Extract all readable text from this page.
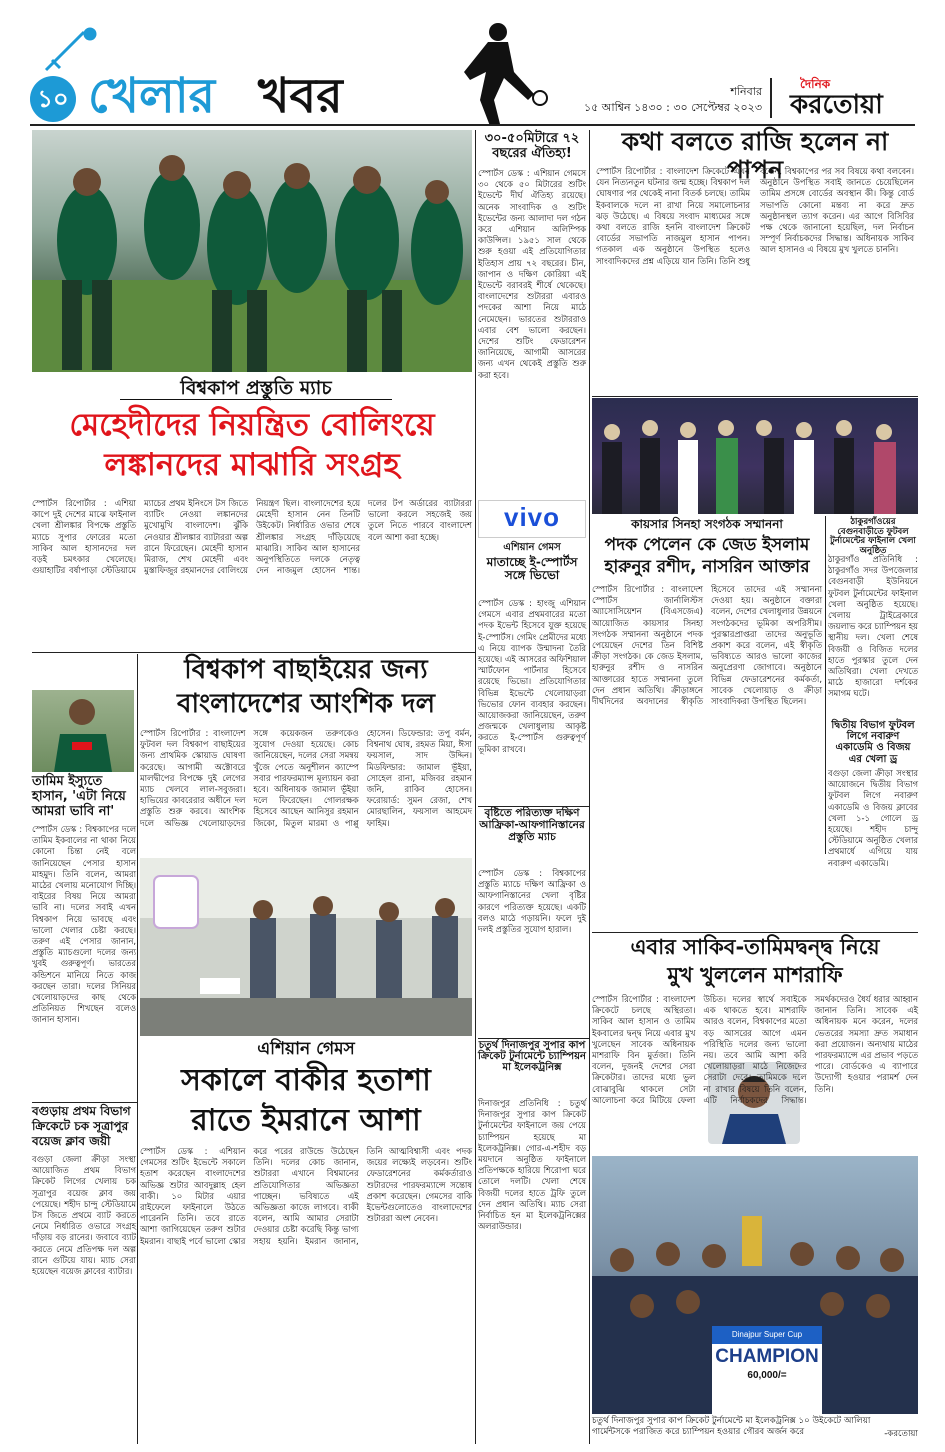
১০ খেলার খবর	শনিবার
১৫ আশ্বিন ১৪৩০ : ৩০ সেপ্টেম্বর ২০২৩
দৈনিক
করতোয়া
৩০-৫০মিটারে ৭২ বছরের ঐতিহ্য!
স্পোর্টস ডেস্ক : এশিয়ান গেমসে ৩০ থেকে ৫০ মিটারের শুটিং ইভেন্টে দীর্ঘ ঐতিহ্য রয়েছে। অনেক সাংবাদিক ও শুটিং ইভেন্টের জন্য আলাদা দল গঠন করে এশিয়ান অলিম্পিক কাউন্সিল। ১৯৫১ সাল থেকে শুরু হওয়া এই প্রতিযোগিতার ইতিহাস প্রায় ৭২ বছরের। চীন, জাপান ও দক্ষিণ কোরিয়া এই ইভেন্টে বরাবরই শীর্ষে থেকেছে। বাংলাদেশের শুটাররা এবারও পদকের আশা নিয়ে মাঠে নেমেছেন। ভারতের শুটাররাও এবার বেশ ভালো করছেন। দেশের শুটিং ফেডারেশন জানিয়েছে, আগামী আসরের জন্য এখন থেকেই প্রস্তুতি শুরু করা হবে।
কথা বলতে রাজি হলেন না পাপন
স্পোর্টস রিপোর্টার : বাংলাদেশ ক্রিকেটে এখন যেন নিত্যনতুন ঘটনার জন্ম হচ্ছে। বিশ্বকাপ দল ঘোষণার পর থেকেই নানা বিতর্ক চলছে। তামিম ইকবালকে দলে না রাখা নিয়ে সমালোচনার ঝড় উঠেছে। এ বিষয়ে সংবাদ মাধ্যমের সঙ্গে কথা বলতে রাজি হননি বাংলাদেশ ক্রিকেট বোর্ডের সভাপতি নাজমুল হাসান পাপন। গতকাল এক অনুষ্ঠানে উপস্থিত হলেও সাংবাদিকদের প্রশ্ন এড়িয়ে যান তিনি। তিনি শুধু বলেন, বিশ্বকাপের পর সব বিষয়ে কথা বলবেন। অনুষ্ঠানে উপস্থিত সবাই জানতে চেয়েছিলেন তামিম প্রসঙ্গে বোর্ডের অবস্থান কী। কিন্তু বোর্ড সভাপতি কোনো মন্তব্য না করে দ্রুত অনুষ্ঠানস্থল ত্যাগ করেন। এর আগে বিসিবির পক্ষ থেকে জানানো হয়েছিল, দল নির্বাচন সম্পূর্ণ নির্বাচকদের সিদ্ধান্ত। অধিনায়ক সাকিব আল হাসানও এ বিষয়ে মুখ খুলতে চাননি।
বিশ্বকাপ প্রস্তুতি ম্যাচ
মেহেদীদের নিয়ন্ত্রিত বোলিংয়ে
লঙ্কানদের মাঝারি সংগ্রহ
স্পোর্টস রিপোর্টার : এশিয়া কাপে দুই দেশের মাঝে ফাইনাল খেলা শ্রীলঙ্কার বিপক্ষে প্রস্তুতি ম্যাচে সুপার ফোরের মতো সাকিব আল হাসানদের দল বড়ই চমৎকার খেলেছে। গুয়াহাটির বর্ষাপাড়া স্টেডিয়ামে ম্যাচের প্রথম ইনিংসে টস জিতে ব্যাটিং নেওয়া লঙ্কানদের মুখোমুখি বাংলাদেশ। ঝুঁকি নেওয়ার শ্রীলঙ্কার ব্যাটাররা অল্প রানে ফিরেছেন। মেহেদী হাসান মিরাজ, শেখ মেহেদী এবং মুস্তাফিজুর রহমানদের বোলিংয়ে নিয়ন্ত্রণ ছিল। বাংলাদেশের হয়ে মেহেদী হাসান নেন তিনটি উইকেট। নির্ধারিত ওভার শেষে শ্রীলঙ্কার সংগ্রহ দাঁড়িয়েছে মাঝারি। সাকিব আল হাসানের অনুপস্থিতিতে দলকে নেতৃত্ব দেন নাজমুল হোসেন শান্ত। দলের টপ অর্ডারের ব্যাটাররা ভালো করলে সহজেই জয় তুলে নিতে পারবে বাংলাদেশ বলে আশা করা হচ্ছে।
vivo
এশিয়ান গেমস
মাতাচ্ছে ই-স্পোর্টস সঙ্গে ভিভো
স্পোর্টস ডেস্ক : হাংজু এশিয়ান গেমসে এবার প্রথমবারের মতো পদক ইভেন্ট হিসেবে যুক্ত হয়েছে ই-স্পোর্টস। গেমিং প্রেমীদের মধ্যে এ নিয়ে ব্যাপক উন্মাদনা তৈরি হয়েছে। এই আসরের অফিশিয়াল স্মার্টফোন পার্টনার হিসেবে রয়েছে ভিভো। প্রতিযোগিতার বিভিন্ন ইভেন্টে খেলোয়াড়রা ভিভোর ফোন ব্যবহার করছেন। আয়োজকরা জানিয়েছেন, তরুণ প্রজন্মকে খেলাধুলায় আকৃষ্ট করতে ই-স্পোর্টস গুরুত্বপূর্ণ ভূমিকা রাখবে।
কায়সার সিনহা সংগঠক সম্মাননা
পদক পেলেন কে জেড ইসলাম
হারুনুর রশীদ, নাসরিন আক্তার
স্পোর্টস রিপোর্টার : বাংলাদেশ স্পোর্টস জার্নালিস্টস অ্যাসোসিয়েশন (বিএসজেএ) আয়োজিত কায়সার সিনহা সংগঠক সম্মাননা অনুষ্ঠানে পদক পেয়েছেন দেশের তিন বিশিষ্ট ক্রীড়া সংগঠক। কে জেড ইসলাম, হারুনুর রশীদ ও নাসরিন আক্তারের হাতে সম্মাননা তুলে দেন প্রধান অতিথি। ক্রীড়াঙ্গনে দীর্ঘদিনের অবদানের স্বীকৃতি হিসেবে তাদের এই সম্মাননা দেওয়া হয়। অনুষ্ঠানে বক্তারা বলেন, দেশের খেলাধুলার উন্নয়নে সংগঠকদের ভূমিকা অপরিসীম। পুরস্কারপ্রাপ্তরা তাদের অনুভূতি প্রকাশ করে বলেন, এই স্বীকৃতি ভবিষ্যতে আরও ভালো কাজের অনুপ্রেরণা জোগাবে। অনুষ্ঠানে বিভিন্ন ফেডারেশনের কর্মকর্তা, সাবেক খেলোয়াড় ও ক্রীড়া সাংবাদিকরা উপস্থিত ছিলেন।
ঠাকুরগাঁওয়ের বেগুনবাড়ীতে ফুটবল টুর্নামেন্টের ফাইনাল খেলা অনুষ্ঠিত
ঠাকুরগাঁও প্রতিনিধি : ঠাকুরগাঁও সদর উপজেলার বেগুনবাড়ী ইউনিয়নে ফুটবল টুর্নামেন্টের ফাইনাল খেলা অনুষ্ঠিত হয়েছে। খেলায় ট্রাইব্রেকারে জয়লাভ করে চ্যাম্পিয়ন হয় স্থানীয় দল। খেলা শেষে বিজয়ী ও বিজিত দলের হাতে পুরস্কার তুলে দেন অতিথিরা। খেলা দেখতে মাঠে হাজারো দর্শকের সমাগম ঘটে।
দ্বিতীয় বিভাগ ফুটবল লিগে নবারুণ একাডেমি ও বিজয় এর খেলা ড্র
বগুড়া জেলা ক্রীড়া সংস্থার আয়োজনে দ্বিতীয় বিভাগ ফুটবল লিগে নবারুণ একাডেমি ও বিজয় ক্লাবের খেলা ১-১ গোলে ড্র হয়েছে। শহীদ চান্দু স্টেডিয়ামে অনুষ্ঠিত খেলার প্রথমার্ধে এগিয়ে যায় নবারুণ একাডেমি।
বিশ্বকাপ বাছাইয়ের জন্য
বাংলাদেশের আংশিক দল
স্পোর্টস রিপোর্টার : বাংলাদেশ ফুটবল দল বিশ্বকাপ বাছাইয়ের জন্য প্রাথমিক স্কোয়াড ঘোষণা করেছে। আগামী অক্টোবরে মালদ্বীপের বিপক্ষে দুই লেগের ম্যাচ খেলবে লাল-সবুজরা। হাভিয়ের কাবরেরার অধীনে দল প্রস্তুতি শুরু করবে। আংশিক দলে অভিজ্ঞ খেলোয়াড়দের সঙ্গে কয়েকজন তরুণকেও সুযোগ দেওয়া হয়েছে। কোচ জানিয়েছেন, দলের সেরা সমন্বয় খুঁজে পেতে অনুশীলন ক্যাম্পে সবার পারফরম্যান্স মূল্যায়ন করা হবে। অধিনায়ক জামাল ভূঁইয়া দলে ফিরেছেন। গোলরক্ষক হিসেবে আছেন আনিসুর রহমান জিকো, মিতুল মারমা ও পাপ্পু হোসেন। ডিফেন্ডার: তপু বর্মন, বিশ্বনাথ ঘোষ, রহমত মিয়া, ঈসা ফয়সাল, সাদ উদ্দিন। মিডফিল্ডার: জামাল ভূঁইয়া, সোহেল রানা, মজিবর রহমান জনি, রাকিব হোসেন। ফরোয়ার্ড: সুমন রেজা, শেখ মোরছালিন, ফয়সাল আহমেদ ফাহিম।
তামিম ইস্যুতে হাসান, 'এটা নিয়ে আমরা ভাবি না'
স্পোর্টস ডেস্ক : বিশ্বকাপের দলে তামিম ইকবালের না থাকা নিয়ে কোনো চিন্তা নেই বলে জানিয়েছেন পেসার হাসান মাহমুদ। তিনি বলেন, আমরা মাঠের খেলায় মনোযোগ দিচ্ছি। বাইরের বিষয় নিয়ে আমরা ভাবি না। দলের সবাই এখন বিশ্বকাপ নিয়ে ভাবছে এবং ভালো খেলার চেষ্টা করছে। তরুণ এই পেসার জানান, প্রস্তুতি ম্যাচগুলো দলের জন্য খুবই গুরুত্বপূর্ণ। ভারতের কন্ডিশনে মানিয়ে নিতে কাজ করছেন তারা। দলের সিনিয়র খেলোয়াড়দের কাছ থেকে প্রতিনিয়ত শিখছেন বলেও জানান হাসান।
বগুড়ায় প্রথম বিভাগ ক্রিকেটে চক সূত্রাপুর বয়েজ ক্লাব জয়ী
বগুড়া জেলা ক্রীড়া সংস্থা আয়োজিত প্রথম বিভাগ ক্রিকেট লিগের খেলায় চক সূত্রাপুর বয়েজ ক্লাব জয় পেয়েছে। শহীদ চান্দু স্টেডিয়ামে টস জিতে প্রথমে ব্যাট করতে নেমে নির্ধারিত ওভারে সংগ্রহ দাঁড়ায় বড় রানের। জবাবে ব্যাট করতে নেমে প্রতিপক্ষ দল অল্প রানে গুটিয়ে যায়। ম্যাচ সেরা হয়েছেন বয়েজ ক্লাবের ব্যাটার।
বৃষ্টিতে পরিত্যক্ত দক্ষিণ আফ্রিকা-আফগানিস্তানের প্রস্তুতি ম্যাচ
স্পোর্টস ডেস্ক : বিশ্বকাপের প্রস্তুতি ম্যাচে দক্ষিণ আফ্রিকা ও আফগানিস্তানের খেলা বৃষ্টির কারণে পরিত্যক্ত হয়েছে। একটি বলও মাঠে গড়ায়নি। ফলে দুই দলই প্রস্তুতির সুযোগ হারাল।
চতুর্থ দিনাজপুর সুপার কাপ ক্রিকেট টুর্নামেন্টে চ্যাম্পিয়ন মা ইলেকট্রনিক্স
দিনাজপুর প্রতিনিধি : চতুর্থ দিনাজপুর সুপার কাপ ক্রিকেট টুর্নামেন্টের ফাইনালে জয় পেয়ে চ্যাম্পিয়ন হয়েছে মা ইলেকট্রনিক্স। গোর-এ-শহীদ বড় ময়দানে অনুষ্ঠিত ফাইনালে প্রতিপক্ষকে হারিয়ে শিরোপা ঘরে তোলে দলটি। খেলা শেষে বিজয়ী দলের হাতে ট্রফি তুলে দেন প্রধান অতিথি। ম্যাচ সেরা নির্বাচিত হন মা ইলেকট্রনিক্সের অলরাউন্ডার।
এশিয়ান গেমস
সকালে বাকীর হতাশা
রাতে ইমরানে আশা
স্পোর্টস ডেস্ক : এশিয়ান গেমসের শুটিং ইভেন্টে সকালে হতাশ করেছেন বাংলাদেশের অভিজ্ঞ শুটার আবদুল্লাহ হেল বাকী। ১০ মিটার এয়ার রাইফেলে ফাইনালে উঠতে পারেননি তিনি। তবে রাতে আশা জাগিয়েছেন তরুণ শুটার ইমরান। বাছাই পর্বে ভালো স্কোর করে পরের রাউন্ডে উঠেছেন তিনি। দলের কোচ জানান, শুটাররা এখানে বিশ্বমানের প্রতিযোগিতার অভিজ্ঞতা পাচ্ছেন। ভবিষ্যতে এই অভিজ্ঞতা কাজে লাগবে। বাকী বলেন, আমি আমার সেরাটা দেওয়ার চেষ্টা করেছি কিন্তু ভাগ্য সহায় হয়নি। ইমরান জানান, তিনি আত্মবিশ্বাসী এবং পদক জয়ের লক্ষ্যেই লড়বেন। শুটিং ফেডারেশনের কর্মকর্তারাও শুটারদের পারফরম্যান্সে সন্তোষ প্রকাশ করেছেন। গেমসের বাকি ইভেন্টগুলোতেও বাংলাদেশের শুটাররা অংশ নেবেন।
এবার সাকিব-তামিমদ্বন্দ্ব নিয়ে
মুখ খুললেন মাশরাফি
স্পোর্টস রিপোর্টার : বাংলাদেশ ক্রিকেটে চলছে অস্থিরতা। সাকিব আল হাসান ও তামিম ইকবালের দ্বন্দ্ব নিয়ে এবার মুখ খুলেছেন সাবেক অধিনায়ক মাশরাফি বিন মুর্তজা। তিনি বলেন, দুজনই দেশের সেরা ক্রিকেটার। তাদের মধ্যে ভুল বোঝাবুঝি থাকলে সেটা আলোচনা করে মিটিয়ে ফেলা উচিত। দলের স্বার্থে সবাইকে এক থাকতে হবে। মাশরাফি আরও বলেন, বিশ্বকাপের মতো বড় আসরের আগে এমন পরিস্থিতি দলের জন্য ভালো নয়। তবে আমি আশা করি খেলোয়াড়রা মাঠে নিজেদের সেরাটা দেবে। তামিমকে দলে না রাখার বিষয়ে তিনি বলেন, এটি নির্বাচকদের সিদ্ধান্ত। সমর্থকদেরও ধৈর্য ধরার আহ্বান জানান তিনি। সাবেক এই অধিনায়ক মনে করেন, দলের ভেতরের সমস্যা দ্রুত সমাধান করা প্রয়োজন। অন্যথায় মাঠের পারফরম্যান্সে এর প্রভাব পড়তে পারে। বোর্ডকেও এ ব্যাপারে উদ্যোগী হওয়ার পরামর্শ দেন তিনি।
Dinajpur Super Cup
CHAMPION
60,000/=
চতুর্থ দিনাজপুর সুপার কাপ ক্রিকেট টুর্নামেন্টে মা ইলেকট্রনিক্স ১০ উইকেটে আলিয়া গার্মেন্টসকে পরাজিত করে চ্যাম্পিয়ন হওয়ার গৌরব অর্জন করে	-করতোয়া
